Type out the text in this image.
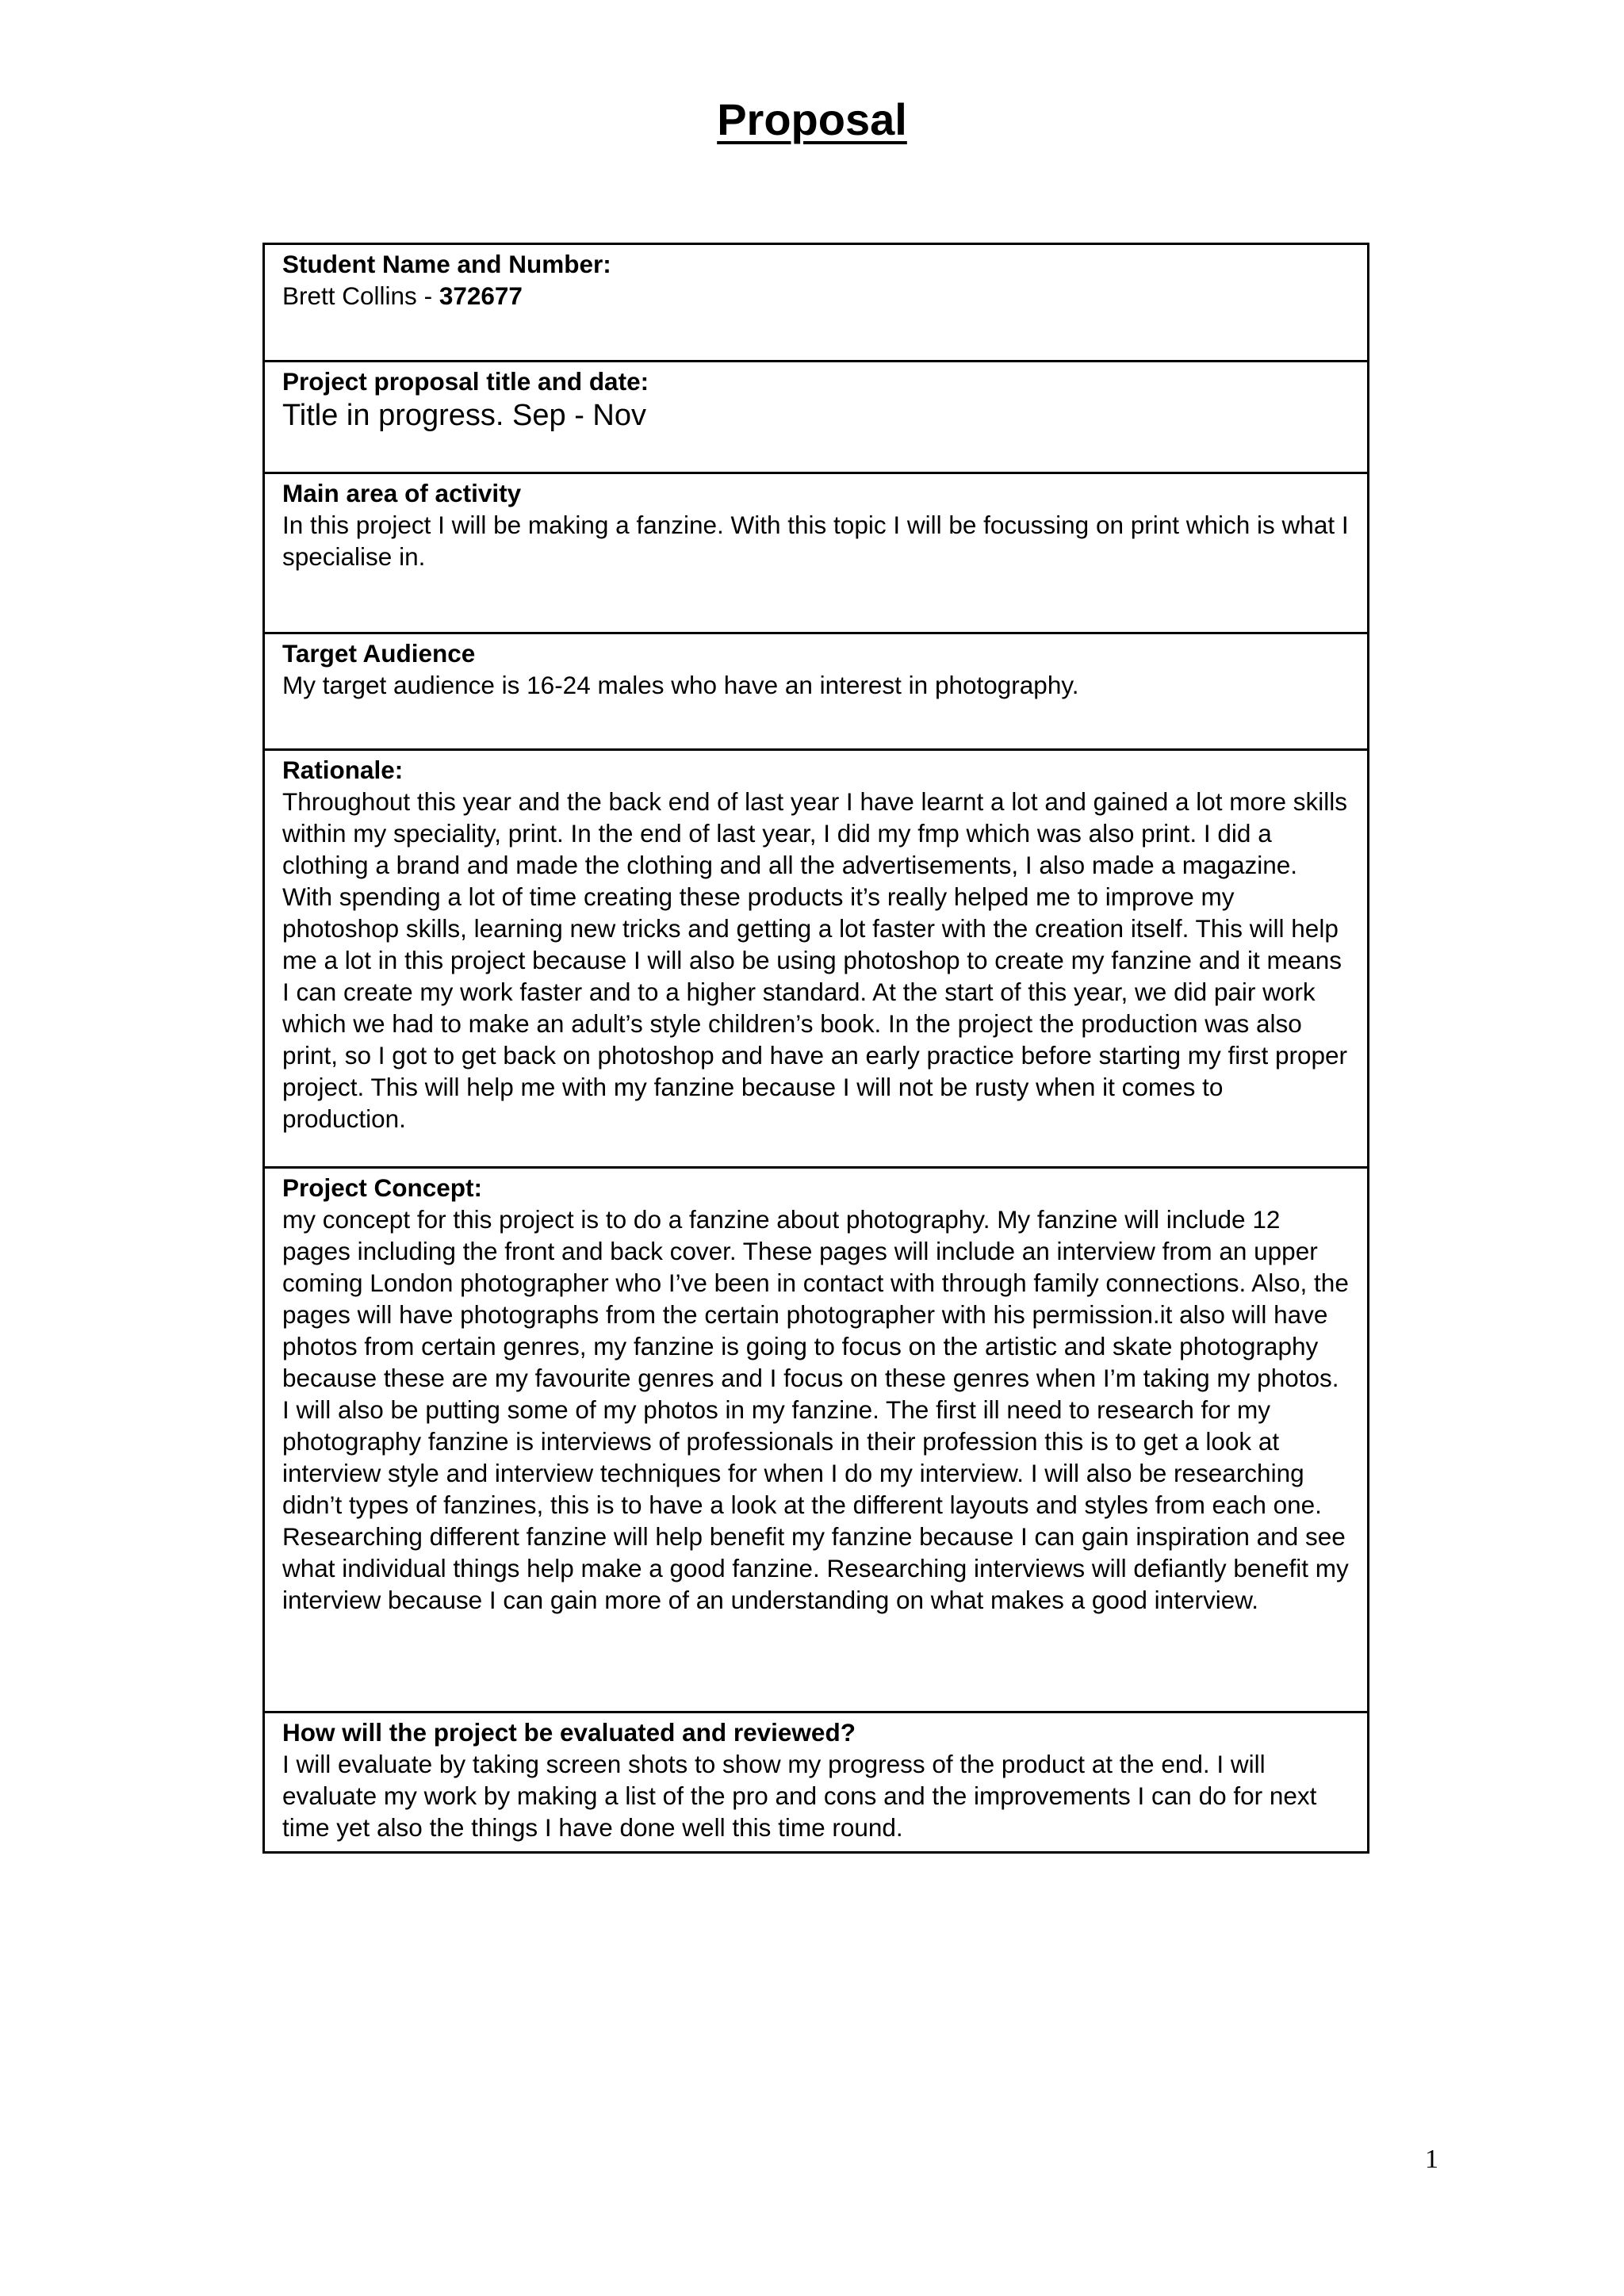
Proposal
Student Name and Number:
Brett Collins - 372677

Project proposal title and date:
Title in progress. Sep - Nov

Main area of activity
In this project I will be making a fanzine. With this topic I will be focussing on print which is what I specialise in.

Target Audience
My target audience is 16-24 males who have an interest in photography.

Rationale:
Throughout this year and the back end of last year I have learnt a lot and gained a lot more skills within my speciality, print. In the end of last year, I did my fmp which was also print. I did a clothing a brand and made the clothing and all the advertisements, I also made a magazine. With spending a lot of time creating these products it’s really helped me to improve my photoshop skills, learning new tricks and getting a lot faster with the creation itself. This will help me a lot in this project because I will also be using photoshop to create my fanzine and it means I can create my work faster and to a higher standard. At the start of this year, we did pair work which we had to make an adult’s style children’s book. In the project the production was also print, so I got to get back on photoshop and have an early practice before starting my first proper project. This will help me with my fanzine because I will not be rusty when it comes to production.

Project Concept:
my concept for this project is to do a fanzine about photography. My fanzine will include 12 pages including the front and back cover. These pages will include an interview from an upper coming London photographer who I’ve been in contact with through family connections. Also, the pages will have photographs from the certain photographer with his permission.it also will have photos from certain genres, my fanzine is going to focus on the artistic and skate photography because these are my favourite genres and I focus on these genres when I’m taking my photos. I will also be putting some of my photos in my fanzine. The first ill need to research for my photography fanzine is interviews of professionals in their profession this is to get a look at interview style and interview techniques for when I do my interview. I will also be researching didn’t types of fanzines, this is to have a look at the different layouts and styles from each one. Researching different fanzine will help benefit my fanzine because I can gain inspiration and see what individual things help make a good fanzine. Researching interviews will defiantly benefit my interview because I can gain more of an understanding on what makes a good interview.

How will the project be evaluated and reviewed?
I will evaluate by taking screen shots to show my progress of the product at the end. I will evaluate my work by making a list of the pro and cons and the improvements I can do for next time yet also the things I have done well this time round.

1
